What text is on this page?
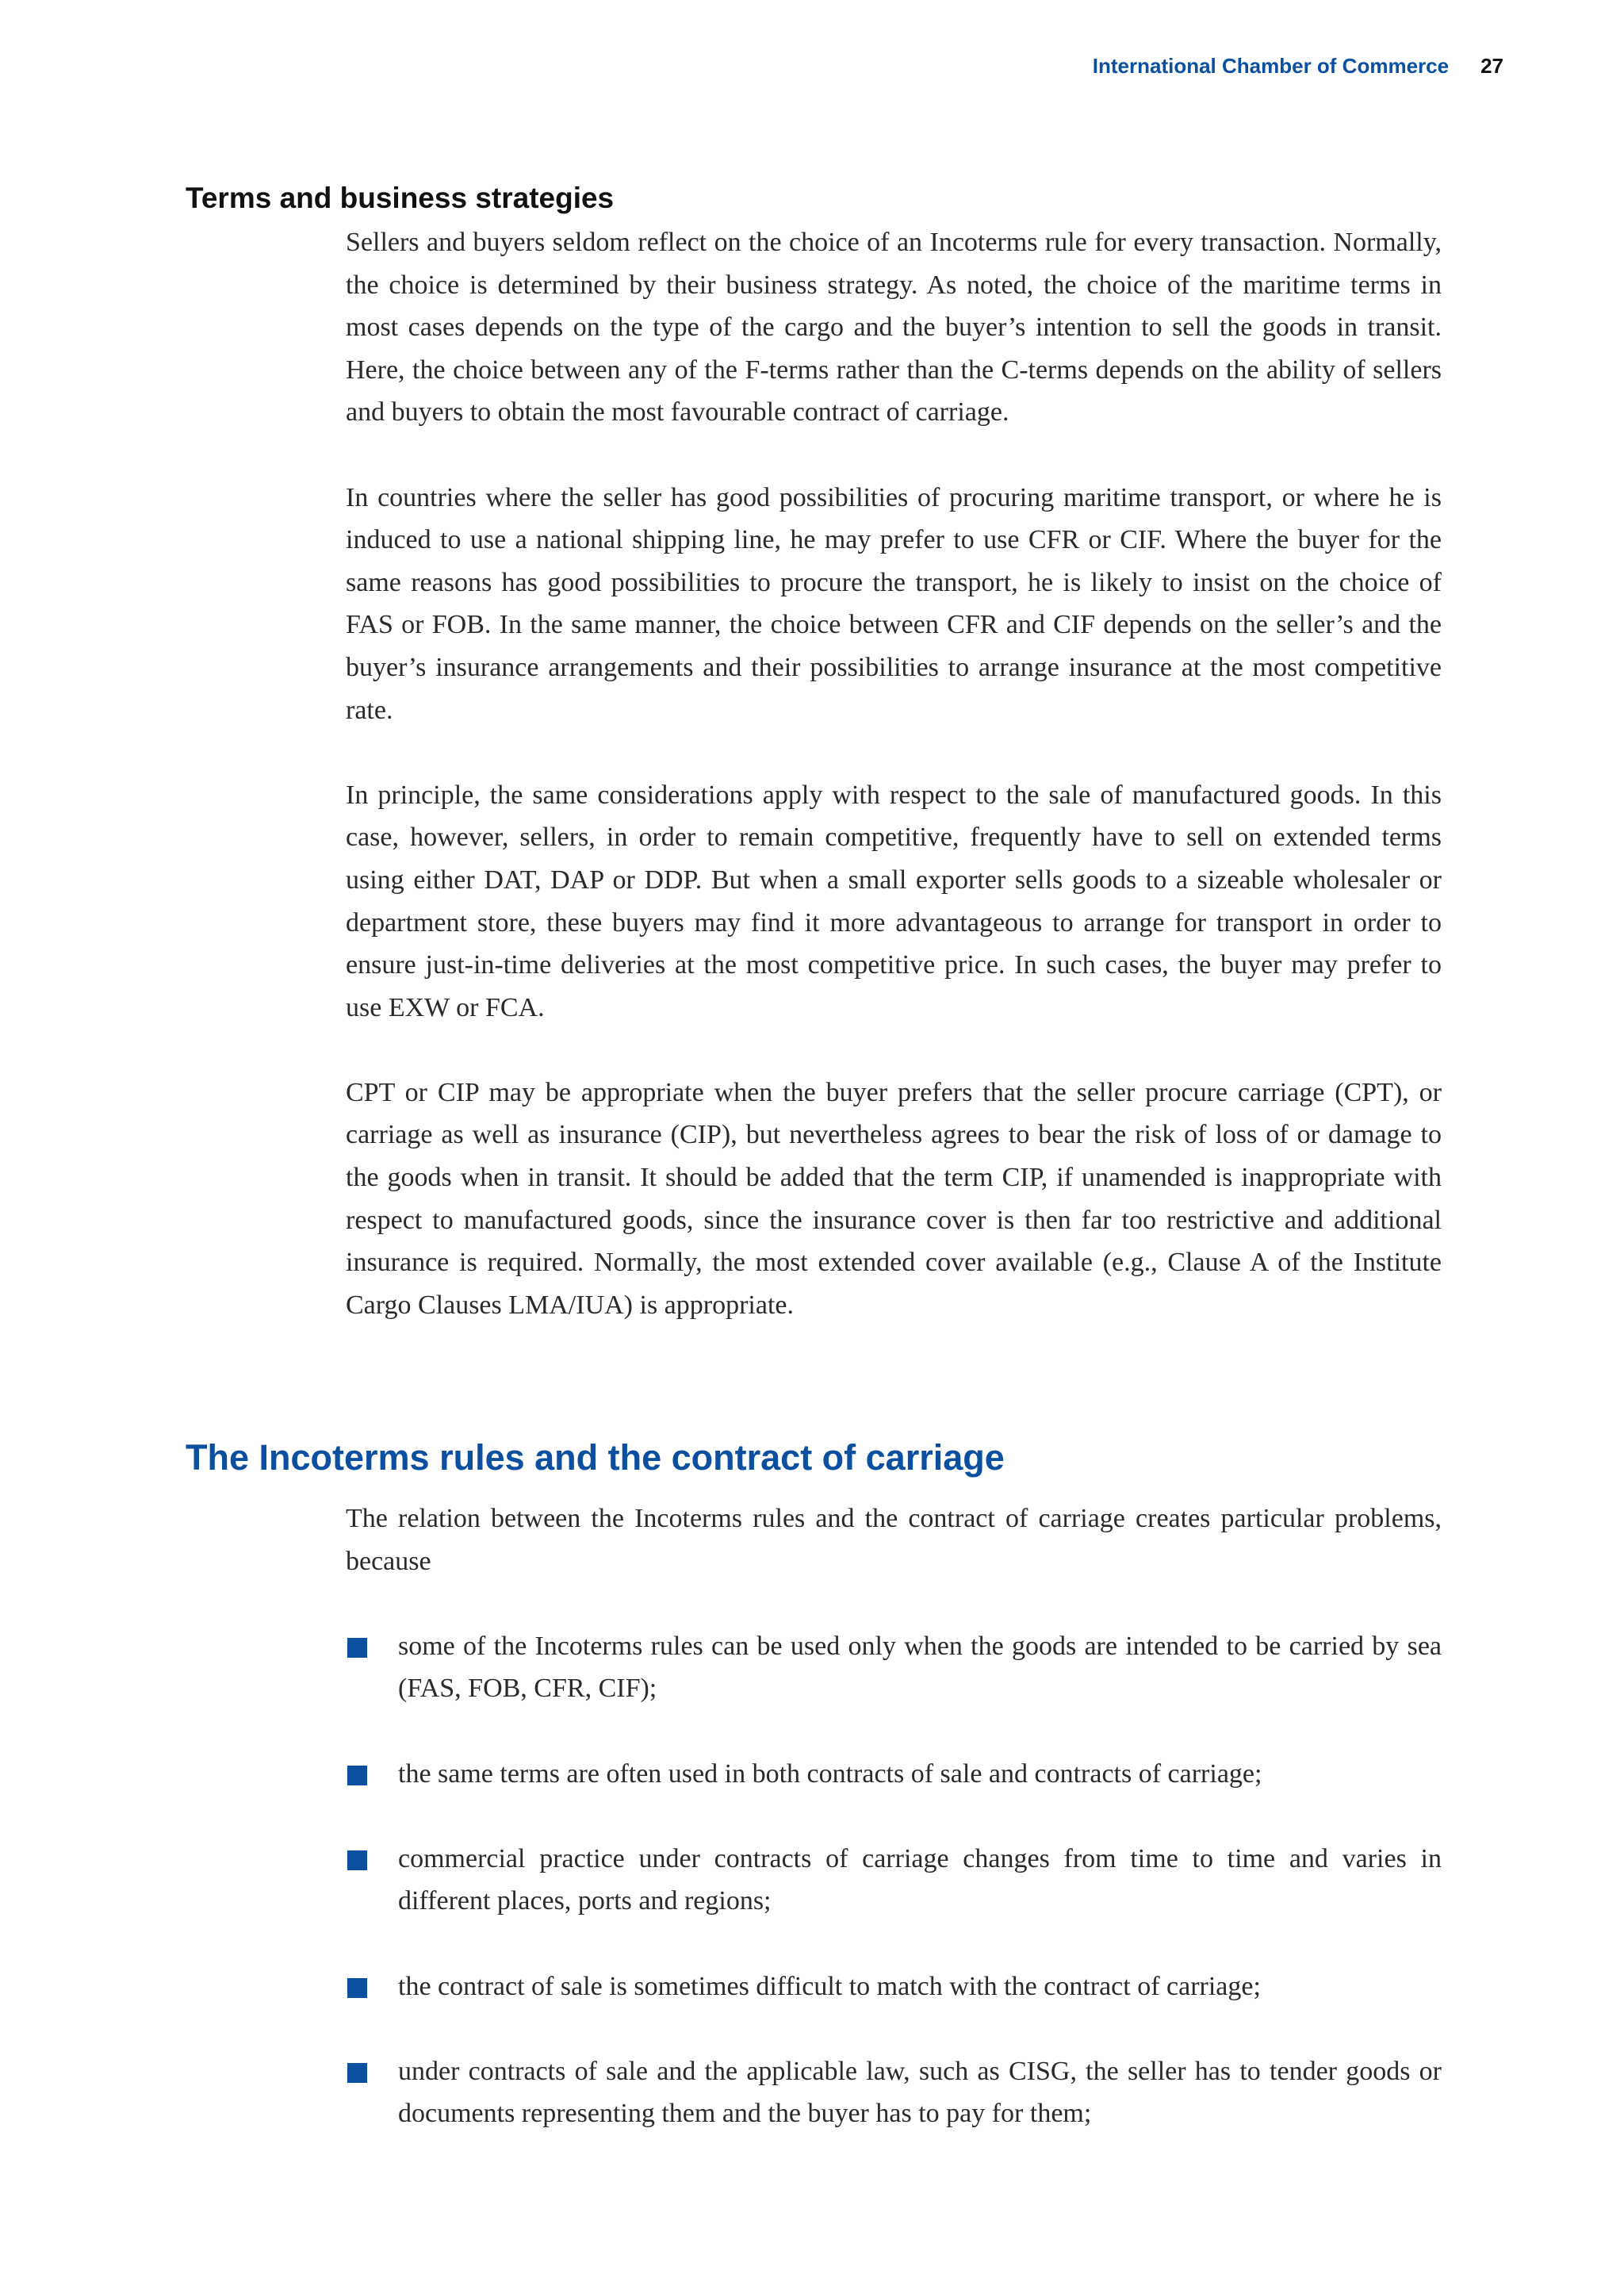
International Chamber of Commerce 27
Terms and business strategies

Sellers and buyers seldom reflect on the choice of an Incoterms rule for every transaction. Normally, the choice is determined by their business strategy. As noted, the choice of the maritime terms in most cases depends on the type of the cargo and the buyer’s intention to sell the goods in transit. Here, the choice between any of the F-terms rather than the C-terms depends on the ability of sellers and buyers to obtain the most favourable contract of carriage.

In countries where the seller has good possibilities of procuring maritime transport, or where he is induced to use a national shipping line, he may prefer to use CFR or CIF. Where the buyer for the same reasons has good possibilities to procure the transport, he is likely to insist on the choice of FAS or FOB. In the same manner, the choice between CFR and CIF depends on the seller’s and the buyer’s insurance arrangements and their possibilities to arrange insurance at the most competitive rate.

In principle, the same considerations apply with respect to the sale of manufactured goods. In this case, however, sellers, in order to remain competitive, frequently have to sell on extended terms using either DAT, DAP or DDP. But when a small exporter sells goods to a sizeable wholesaler or department store, these buyers may find it more advantageous to arrange for transport in order to ensure just-in-time deliveries at the most competitive price. In such cases, the buyer may prefer to use EXW or FCA.

CPT or CIP may be appropriate when the buyer prefers that the seller procure carriage (CPT), or carriage as well as insurance (CIP), but nevertheless agrees to bear the risk of loss of or damage to the goods when in transit. It should be added that the term CIP, if unamended is inappropriate with respect to manufactured goods, since the insurance cover is then far too restrictive and additional insurance is required. Normally, the most extended cover available (e.g., Clause A of the Institute Cargo Clauses LMA/IUA) is appropriate.

The Incoterms rules and the contract of carriage

The relation between the Incoterms rules and the contract of carriage creates particular problems, because

some of the Incoterms rules can be used only when the goods are intended to be carried by sea (FAS, FOB, CFR, CIF);
the same terms are often used in both contracts of sale and contracts of carriage;
commercial practice under contracts of carriage changes from time to time and varies in different places, ports and regions;
the contract of sale is sometimes difficult to match with the contract of carriage;
under contracts of sale and the applicable law, such as CISG, the seller has to tender goods or documents representing them and the buyer has to pay for them;
